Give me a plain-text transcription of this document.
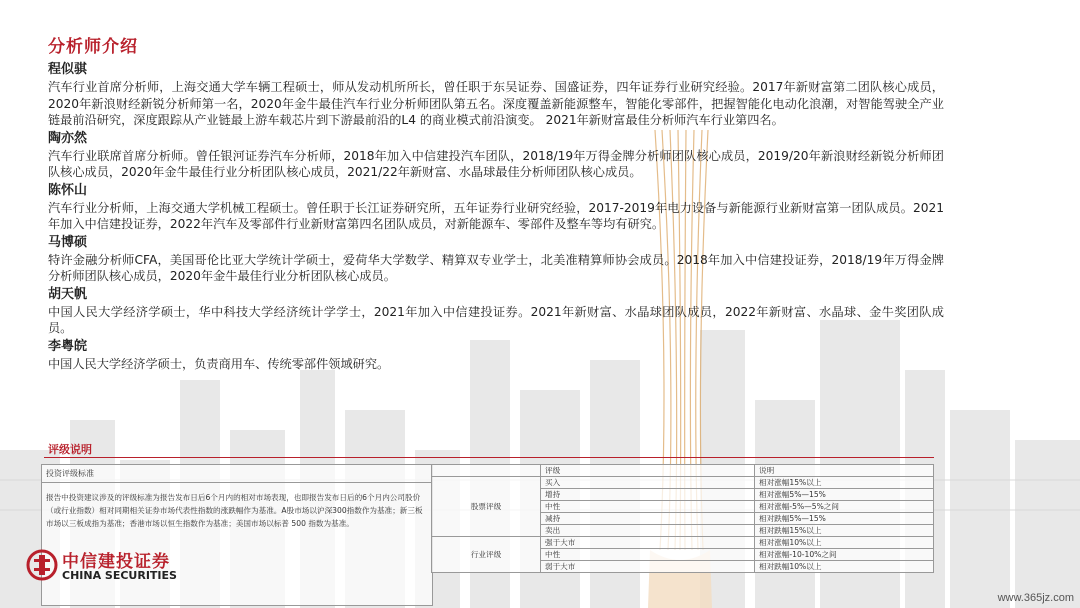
分析师介绍
程似骐
汽车行业首席分析师，上海交通大学车辆工程硕士，师从发动机所所长，曾任职于东吴证券、国盛证券，四年证券行业研究经验。2017年新财富第二团队核心成员，2020年新浪财经新锐分析师第一名，2020年金牛最佳汽车行业分析师团队第五名。深度覆盖新能源整车，智能化零部件，把握智能化电动化浪潮，对智能驾驶全产业链最前沿研究，深度跟踪从产业链最上游车载芯片到下游最前沿的L4 的商业模式前沿演变。 2021年新财富最佳分析师汽车行业第四名。
陶亦然
汽车行业联席首席分析师。曾任银河证券汽车分析师，2018年加入中信建投汽车团队，2018/19年万得金牌分析师团队核心成员，2019/20年新浪财经新锐分析师团队核心成员，2020年金牛最佳行业分析团队核心成员，2021/22年新财富、水晶球最佳分析师团队核心成员。
陈怀山
汽车行业分析师，上海交通大学机械工程硕士。曾任职于长江证券研究所，五年证券行业研究经验，2017-2019年电力设备与新能源行业新财富第一团队成员。2021年加入中信建投证券，2022年汽车及零部件行业新财富第四名团队成员，对新能源车、零部件及整车等均有研究。
马博硕
特许金融分析师CFA，美国哥伦比亚大学统计学硕士，爱荷华大学数学、精算双专业学士，北美准精算师协会成员。2018年加入中信建投证券，2018/19年万得金牌分析师团队核心成员，2020年金牛最佳行业分析团队核心成员。
胡天帆
中国人民大学经济学硕士，华中科技大学经济统计学学士，2021年加入中信建投证券。2021年新财富、水晶球团队成员，2022年新财富、水晶球、金牛奖团队成员。
李粤皖
中国人民大学经济学硕士，负责商用车、传统零部件领域研究。
评级说明
投资评级标准
报告中投资建议涉及的评级标准为报告发布日后6个月内的相对市场表现，也即报告发布日后的6个月内公司股价（或行业指数）相对同期相关证券市场代表性指数的涨跌幅作为基准。A股市场以沪深300指数作为基准；新三板市场以三板成指为基准；香港市场以恒生指数作为基准；美国市场以标普 500 指数为基准。
	评级	说明
股票评级	买入	相对涨幅15%以上
	增持	相对涨幅5%—15%
	中性	相对涨幅-5%—5%之间
	减持	相对跌幅5%—15%
	卖出	相对跌幅15%以上
行业评级	强于大市	相对涨幅10%以上
	中性	相对涨幅-10-10%之间
	弱于大市	相对跌幅10%以上
中信建投证券
CHINA SECURITIES
www.365jz.com
